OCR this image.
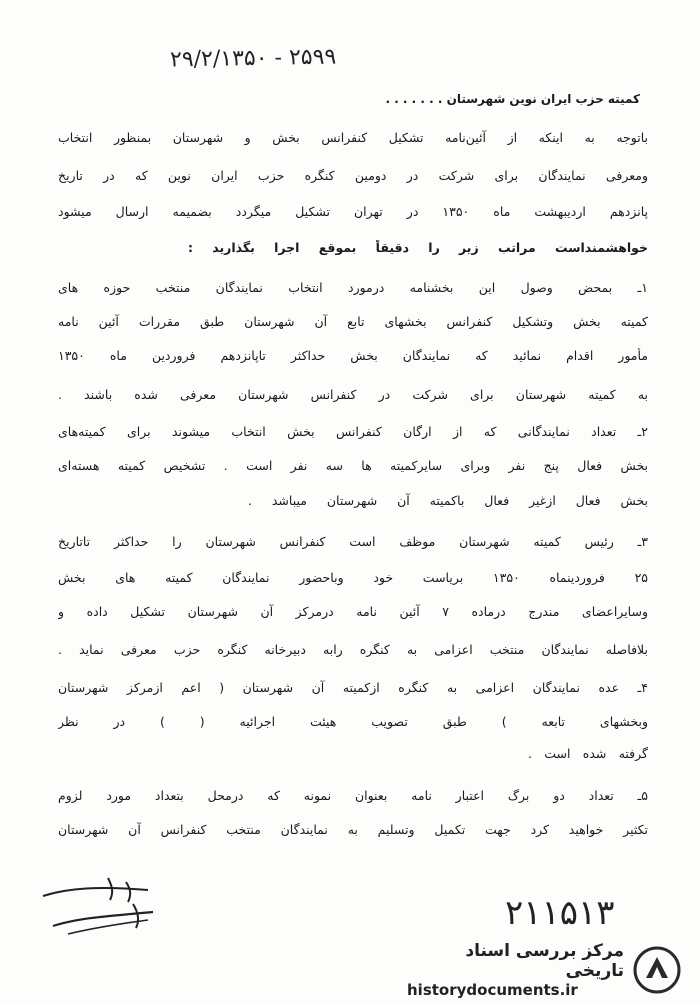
۲۹/۲/۱۳۵۰ - ۲۵۹۹
کمیته حزب ایران نوین شهرستان . . . . . . .
باتوجه به اینکه از آئین‌نامه تشکیل کنفرانس بخش و شهرستان بمنظور انتخاب
ومعرفی نمایندگان برای شرکت در دومین کنگره حزب ایران نوین که در تاریخ
پانزدهم اردیبهشت ماه ۱۳۵۰ در تهران تشکیل میگردد بضمیمه ارسال میشود
خواهشمنداست مراتب زیر را دقیقاً بموقع اجرا بگذارید :
۱ـ بمحض وصول این بخشنامه درمورد انتخاب نمایندگان منتخب حوزه های
کمیته بخش وتشکیل کنفرانس بخشهای تابع آن شهرستان طبق مقررات آئین نامه
مأمور اقدام نمائید که نمایندگان بخش حداکثر تاپانزدهم فروردین ماه ۱۳۵۰
به کمیته شهرستان برای شرکت در کنفرانس شهرستان معرفی شده باشند .
۲ـ تعداد نمایندگانی که از ارگان کنفرانس بخش انتخاب میشوند برای کمیته‌های
بخش فعال پنج نفر وبرای سایرکمیته ها سه نفر است . تشخیص کمیته هسته‌ای
بخش فعال ازغیر فعال باکمیته آن شهرستان میباشد .
۳ـ رئیس کمیته شهرستان موظف است کنفرانس شهرستان را حداکثر تاتاریخ
۲۵ فروردینماه ۱۳۵۰ بریاست خود وباحضور نمایندگان کمیته های بخش
وسایراعضای مندرج درماده ۷ آئین نامه درمرکز آن شهرستان تشکیل داده و
بلافاصله نمایندگان منتخب اعزامی به کنگره رابه دبیرخانه کنگره حزب معرفی نماید .
۴ـ عده نمایندگان اعزامی به کنگره ازکمیته آن شهرستان ( اعم ازمرکز شهرستان
وبخشهای تابعه ) طبق تصویب هیئت اجرائیه ( ) در نظر
گرفته شده است .
۵ـ تعداد دو برگ اعتبار نامه بعنوان نمونه که درمحل بتعداد مورد لزوم
تکثیر خواهید کرد جهت تکمیل وتسلیم به نمایندگان منتخب کنفرانس آن شهرستان
۲۱۱۵۱۳
مرکز بررسی اسناد تاریخی
historydocuments.ir
